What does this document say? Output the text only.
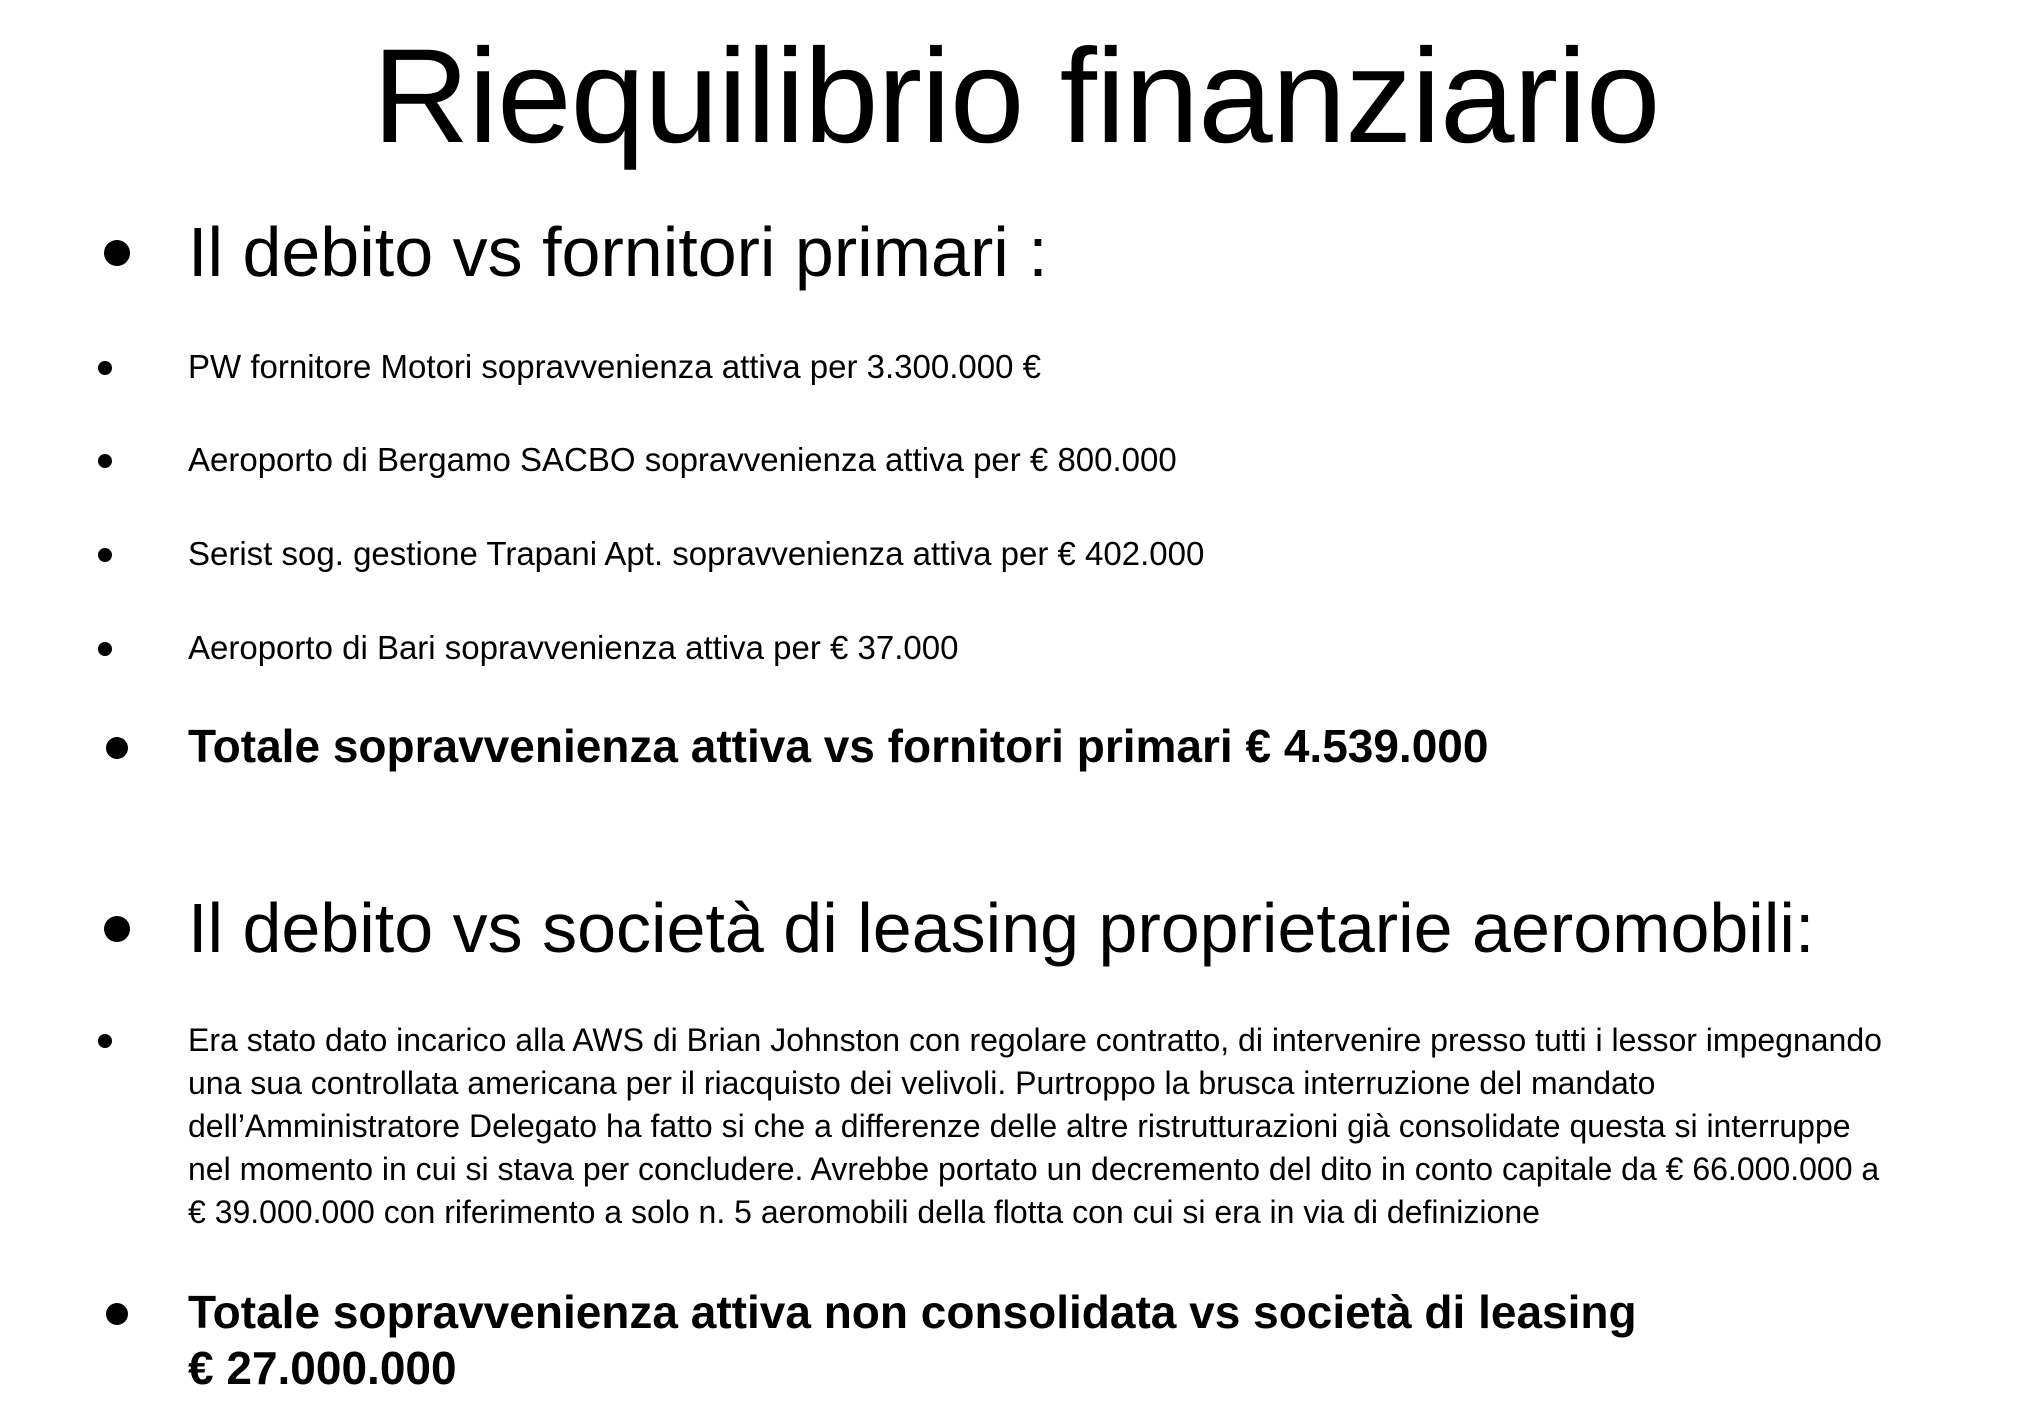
Riequilibrio finanziario
Il debito vs fornitori primari :
PW fornitore Motori sopravvenienza attiva per 3.300.000 €
Aeroporto di Bergamo SACBO sopravvenienza attiva per € 800.000
Serist sog. gestione Trapani Apt. sopravvenienza attiva per € 402.000
Aeroporto di Bari sopravvenienza attiva per € 37.000
Totale sopravvenienza attiva vs fornitori primari € 4.539.000
Il debito vs società di leasing proprietarie aeromobili:
Era stato dato incarico alla AWS di Brian Johnston con regolare contratto, di intervenire presso tutti i lessor impegnando
una sua controllata americana per il riacquisto dei velivoli. Purtroppo la brusca interruzione del mandato
dell’Amministratore Delegato ha fatto si che a differenze delle altre ristrutturazioni già consolidate questa si interruppe
nel momento in cui si stava per concludere. Avrebbe portato un decremento del dito in conto capitale da € 66.000.000 a
€ 39.000.000 con riferimento a solo n. 5 aeromobili della flotta con cui si era in via di definizione
Totale sopravvenienza attiva non consolidata vs società di leasing
€ 27.000.000
